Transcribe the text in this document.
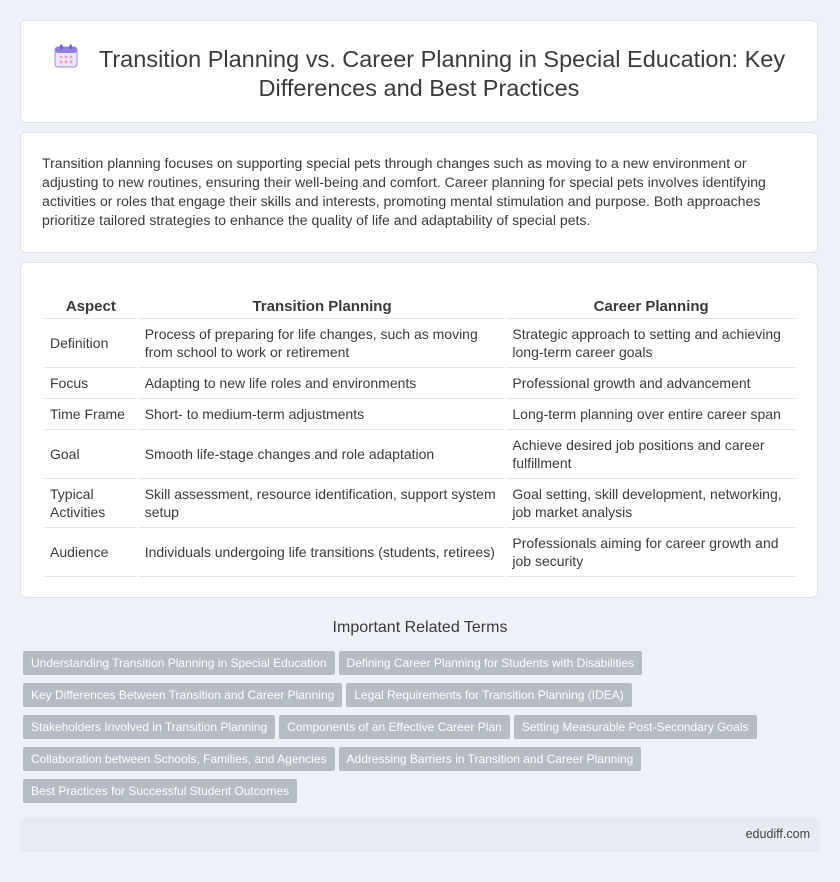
Transition Planning vs. Career Planning in Special Education: Key Differences and Best Practices

Transition planning focuses on supporting special pets through changes such as moving to a new environment or adjusting to new routines, ensuring their well-being and comfort. Career planning for special pets involves identifying activities or roles that engage their skills and interests, promoting mental stimulation and purpose. Both approaches prioritize tailored strategies to enhance the quality of life and adaptability of special pets.

Aspect	Transition Planning	Career Planning
Definition	Process of preparing for life changes, such as moving from school to work or retirement	Strategic approach to setting and achieving long-term career goals
Focus	Adapting to new life roles and environments	Professional growth and advancement
Time Frame	Short- to medium-term adjustments	Long-term planning over entire career span
Goal	Smooth life-stage changes and role adaptation	Achieve desired job positions and career fulfillment
Typical Activities	Skill assessment, resource identification, support system setup	Goal setting, skill development, networking, job market analysis
Audience	Individuals undergoing life transitions (students, retirees)	Professionals aiming for career growth and job security
Important Related Terms
Understanding Transition Planning in Special Education Defining Career Planning for Students with Disabilities
Key Differences Between Transition and Career Planning Legal Requirements for Transition Planning (IDEA)
Stakeholders Involved in Transition Planning Components of an Effective Career Plan Setting Measurable Post-Secondary Goals
Collaboration between Schools, Families, and Agencies Addressing Barriers in Transition and Career Planning
Best Practices for Successful Student Outcomes
edudiff.com
